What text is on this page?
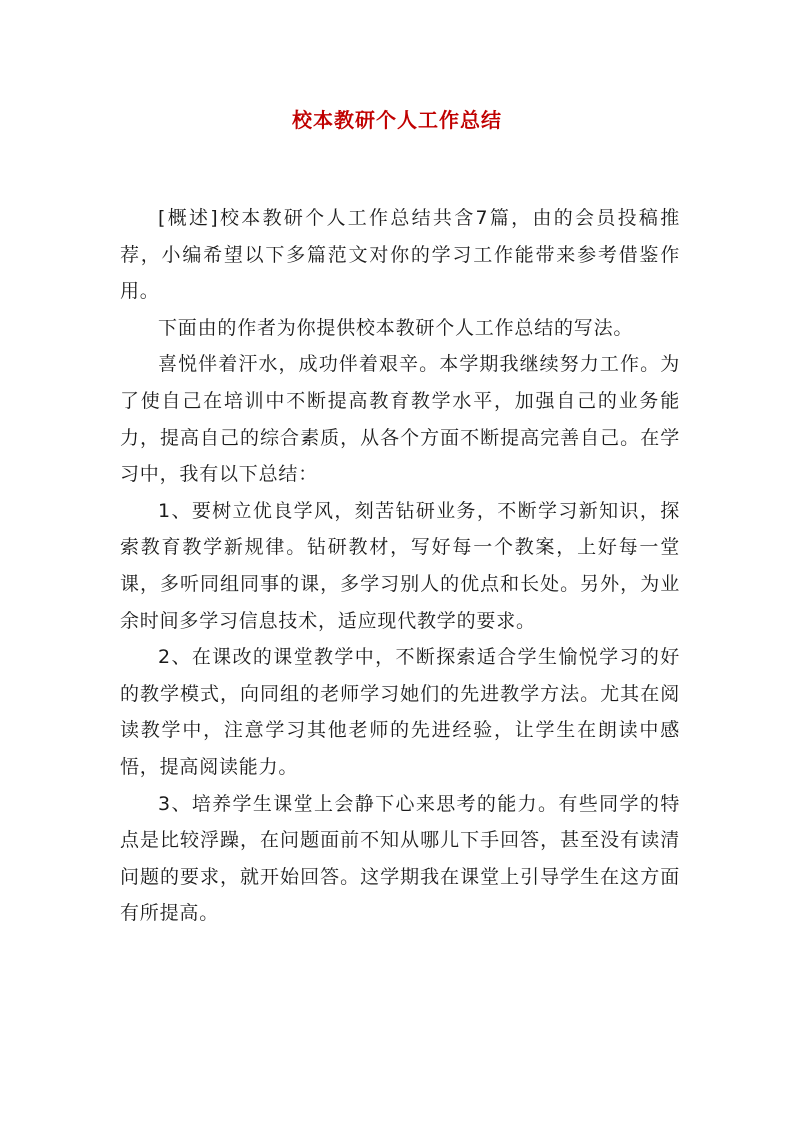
校本教研个人工作总结

[概述]校本教研个人工作总结共含7篇，由的会员投稿推荐，小编希望以下多篇范文对你的学习工作能带来参考借鉴作用。

下面由的作者为你提供校本教研个人工作总结的写法。

喜悦伴着汗水，成功伴着艰辛。本学期我继续努力工作。为了使自己在培训中不断提高教育教学水平，加强自己的业务能力，提高自己的综合素质，从各个方面不断提高完善自己。在学习中，我有以下总结：

1、要树立优良学风，刻苦钻研业务，不断学习新知识，探索教育教学新规律。钻研教材，写好每一个教案，上好每一堂课，多听同组同事的课，多学习别人的优点和长处。另外，为业余时间多学习信息技术，适应现代教学的要求。

2、在课改的课堂教学中，不断探索适合学生愉悦学习的好的教学模式，向同组的老师学习她们的先进教学方法。尤其在阅读教学中，注意学习其他老师的先进经验，让学生在朗读中感悟，提高阅读能力。

3、培养学生课堂上会静下心来思考的能力。有些同学的特点是比较浮躁，在问题面前不知从哪儿下手回答，甚至没有读清问题的要求，就开始回答。这学期我在课堂上引导学生在这方面有所提高。
